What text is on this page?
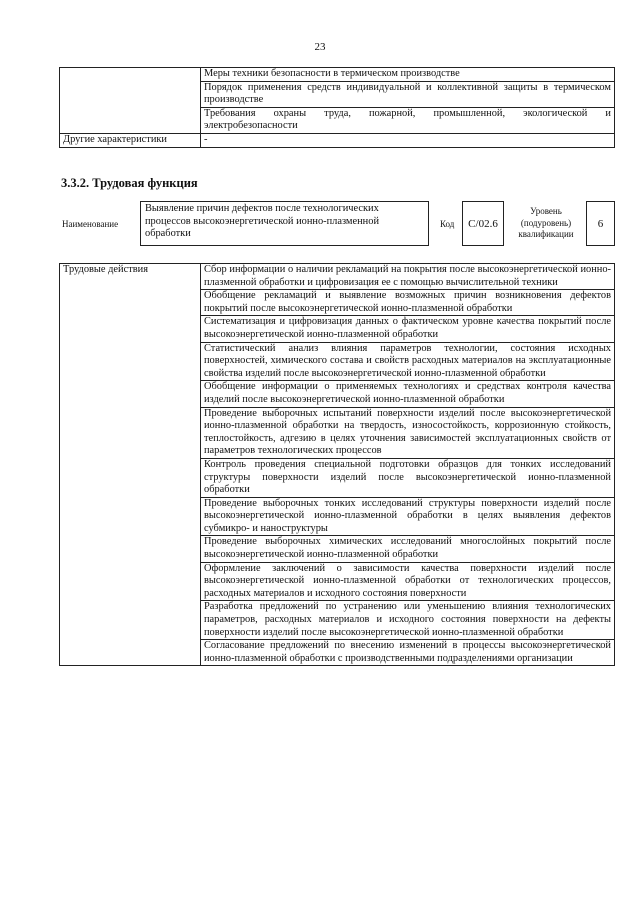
23
	Меры техники безопасности в термическом производстве
	Порядок применения средств индивидуальной и коллективной защиты в термическом производстве
	Требования охраны труда, пожарной, промышленной, экологической и электробезопасности
Другие характеристики	-
3.3.2. Трудовая функция
Наименование
Выявление причин дефектов после технологических процессов высокоэнергетической ионно-плазменной обработки
Код C/02.6
Уровень (подуровень) квалификации
6
Трудовые действия	Сбор информации о наличии рекламаций на покрытия после высокоэнергетической ионно-плазменной обработки и цифровизация ее с помощью вычислительной техники
Обобщение рекламаций и выявление возможных причин возникновения дефектов покрытий после высокоэнергетической ионно-плазменной обработки
Систематизация и цифровизация данных о фактическом уровне качества покрытий после высокоэнергетической ионно-плазменной обработки
Статистический анализ влияния параметров технологии, состояния исходных поверхностей, химического состава и свойств расходных материалов на эксплуатационные свойства изделий после высокоэнергетической ионно-плазменной обработки
Обобщение информации о применяемых технологиях и средствах контроля качества изделий после высокоэнергетической ионно-плазменной обработки
Проведение выборочных испытаний поверхности изделий после высокоэнергетической ионно-плазменной обработки на твердость, износостойкость, коррозионную стойкость, теплостойкость, адгезию в целях уточнения зависимостей эксплуатационных свойств от параметров технологических процессов
Контроль проведения специальной подготовки образцов для тонких исследований структуры поверхности изделий после высокоэнергетической ионно-плазменной обработки
Проведение выборочных тонких исследований структуры поверхности изделий после высокоэнергетической ионно-плазменной обработки в целях выявления дефектов субмикро- и наноструктуры
Проведение выборочных химических исследований многослойных покрытий после высокоэнергетической ионно-плазменной обработки
Оформление заключений о зависимости качества поверхности изделий после высокоэнергетической ионно-плазменной обработки от технологических процессов, расходных материалов и исходного состояния поверхности
Разработка предложений по устранению или уменьшению влияния технологических параметров, расходных материалов и исходного состояния поверхности на дефекты поверхности изделий после высокоэнергетической ионно-плазменной обработки
Согласование предложений по внесению изменений в процессы высокоэнергетической ионно-плазменной обработки с производственными подразделениями организации
